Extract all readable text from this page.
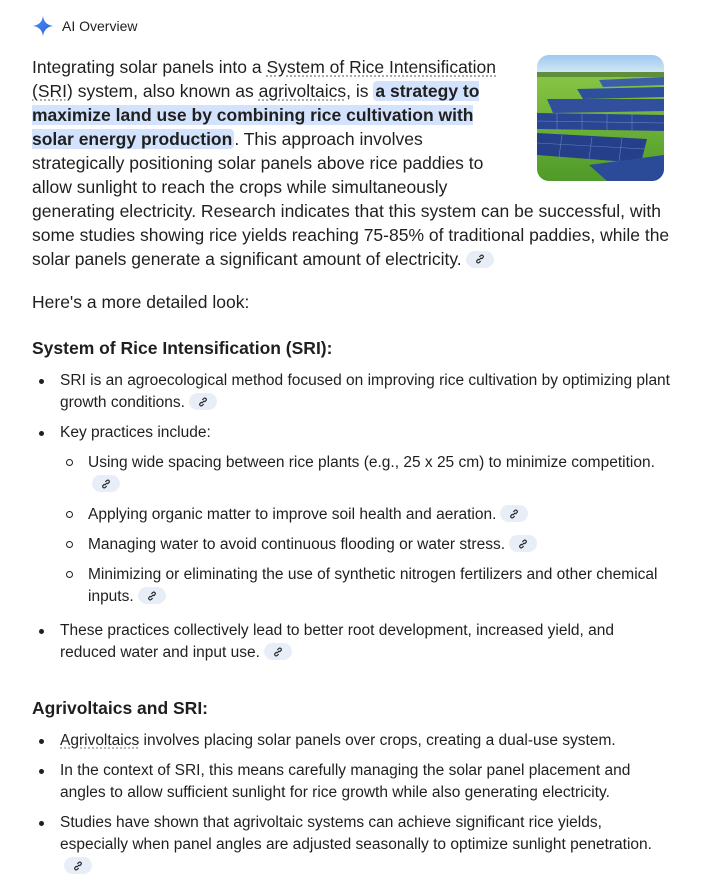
AI Overview
Integrating solar panels into a System of Rice Intensification (SRI) system, also known as agrivoltaics, is a strategy to maximize land use by combining rice cultivation with solar energy production . This approach involves strategically positioning solar panels above rice paddies to allow sunlight to reach the crops while simultaneously generating electricity. Research indicates that this system can be successful, with some studies showing rice yields reaching 75-85% of traditional paddies, while the solar panels generate a significant amount of electricity.
Here's a more detailed look:
System of Rice Intensification (SRI):
SRI is an agroecological method focused on improving rice cultivation by optimizing plant growth conditions.
Key practices include:
Using wide spacing between rice plants (e.g., 25 x 25 cm) to minimize competition.
Applying organic matter to improve soil health and aeration.
Managing water to avoid continuous flooding or water stress.
Minimizing or eliminating the use of synthetic nitrogen fertilizers and other chemical inputs.
These practices collectively lead to better root development, increased yield, and reduced water and input use.
Agrivoltaics and SRI:
Agrivoltaics involves placing solar panels over crops, creating a dual-use system.
In the context of SRI, this means carefully managing the solar panel placement and angles to allow sufficient sunlight for rice growth while also generating electricity.
Studies have shown that agrivoltaic systems can achieve significant rice yields, especially when panel angles are adjusted seasonally to optimize sunlight penetration.
